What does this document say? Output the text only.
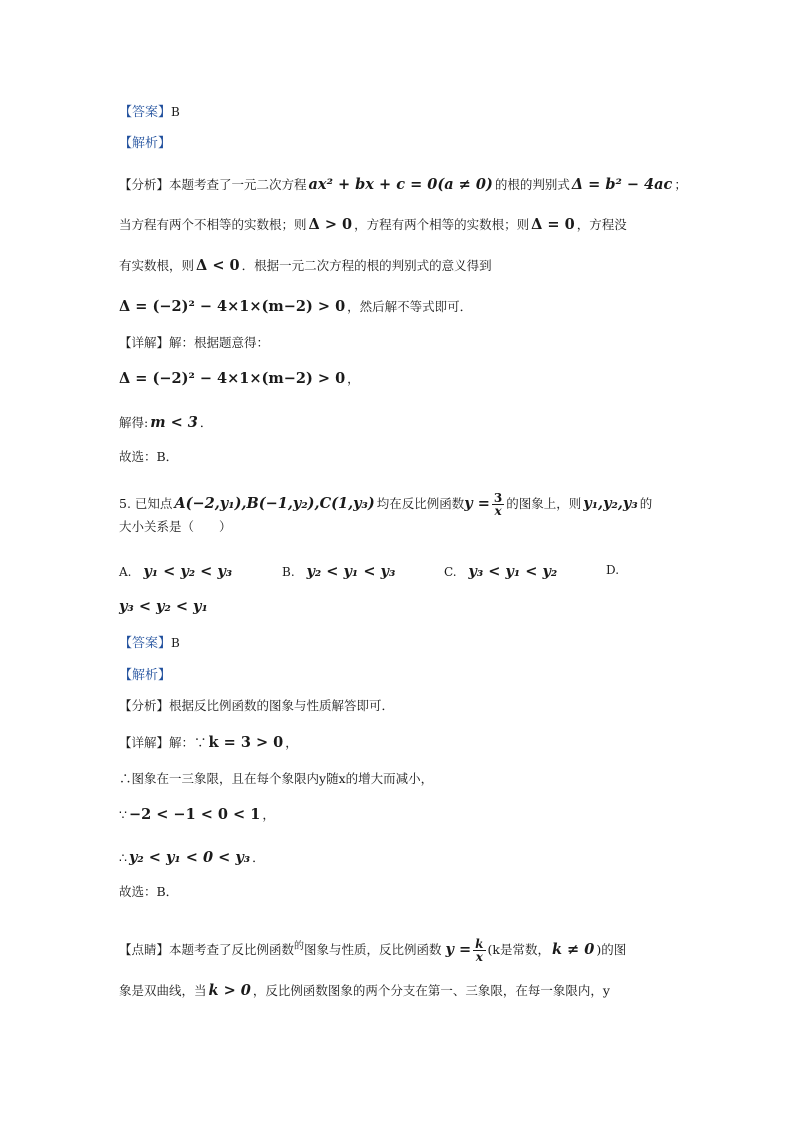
【答案】B
【解析】
【分析】本题考查了一元二次方程 ax² + bx + c = 0(a ≠ 0) 的根的判别式 Δ = b² − 4ac ；
当方程有两个不相等的实数根；则 Δ > 0 ，方程有两个相等的实数根；则 Δ = 0 ，方程没
有实数根，则 Δ < 0 ．根据一元二次方程的根的判别式的意义得到
Δ = (−2)² − 4×1×(m−2) > 0 ，然后解不等式即可．
【详解】解：根据题意得：
Δ = (−2)² − 4×1×(m−2) > 0 ，
解得: m < 3 ．
故选：B．
5. 已知点 A(−2,y₁),B(−1,y₂),C(1,y₃) 均在反比例函数$y = \frac{3}{x}$ 的图象上，则 y₁,y₂,y₃ 的
大小关系是（　　）
A. y₁ < y₂ < y₃	B. y₂ < y₁ < y₃	C. y₃ < y₁ < y₂	D.
y₃ < y₂ < y₁
【答案】B
【解析】
【分析】根据反比例函数的图象与性质解答即可．
【详解】解：∵ k = 3 > 0 ，
∴图象在一三象限，且在每个象限内y随x的增大而减小，
∵ −2 < −1 < 0 < 1 ，
∴ y₂ < y₁ < 0 < y₃ ．
故选：B．
【点睛】本题考查了反比例函数$^的$图象与性质，反比例函数 $y = \frac{k}{x} (k$是常数， k ≠ 0 )的图
象是双曲线，当 k > 0 ，反比例函数图象的两个分支在第一、三象限，在每一象限内，y
